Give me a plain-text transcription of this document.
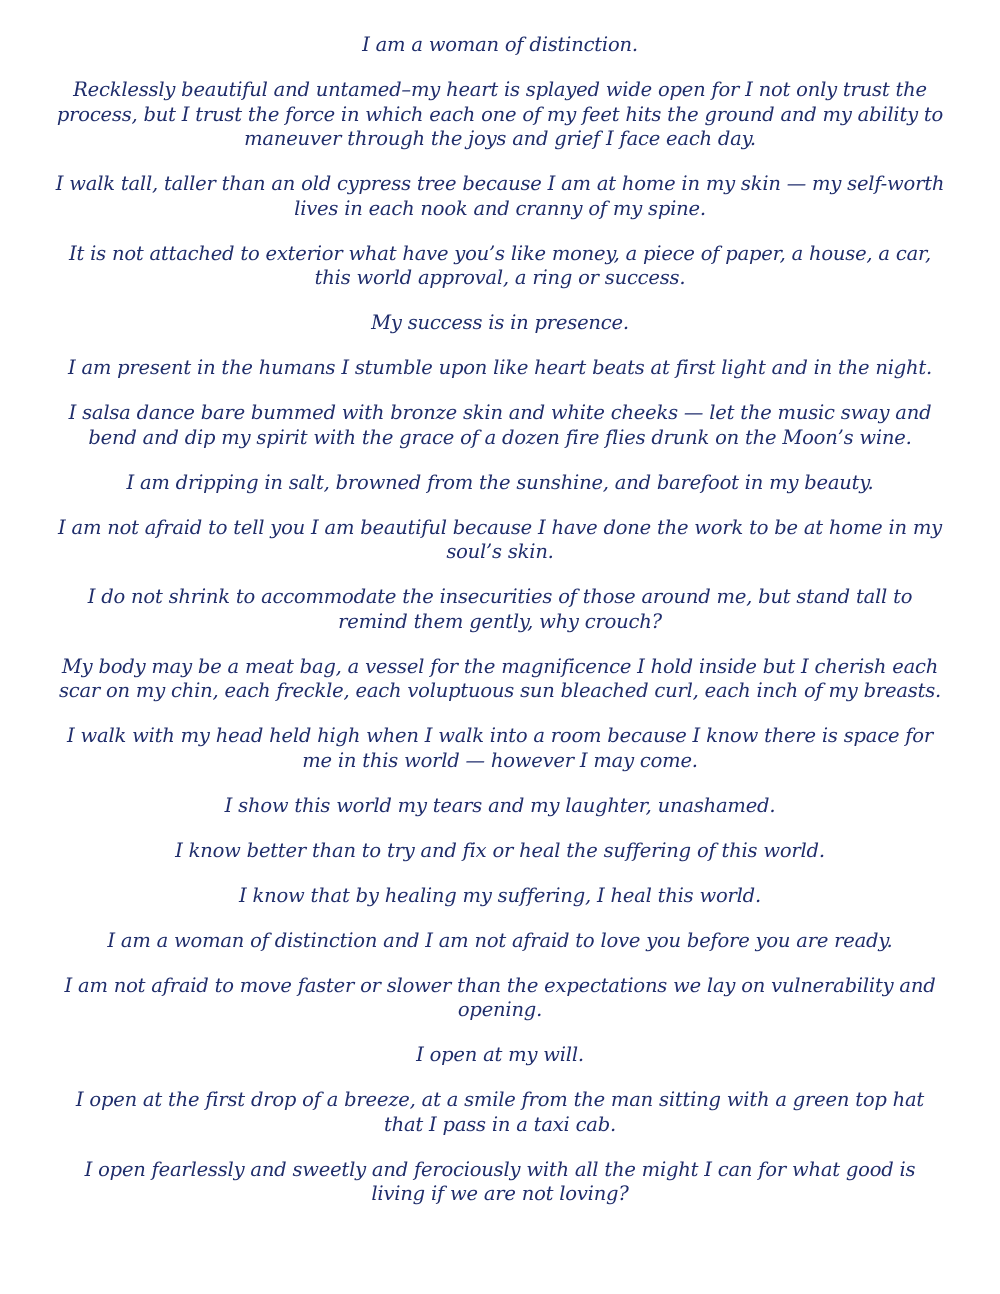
I am a woman of distinction.

Recklessly beautiful and untamed–my heart is splayed wide open for I not only trust the process, but I trust the force in which each one of my feet hits the ground and my ability to maneuver through the joys and grief I face each day.

I walk tall, taller than an old cypress tree because I am at home in my skin — my self-worth lives in each nook and cranny of my spine.

It is not attached to exterior what have you’s like money, a piece of paper, a house, a car, this world approval, a ring or success.

My success is in presence.

I am present in the humans I stumble upon like heart beats at first light and in the night.

I salsa dance bare bummed with bronze skin and white cheeks — let the music sway and bend and dip my spirit with the grace of a dozen fire flies drunk on the Moon’s wine.

I am dripping in salt, browned from the sunshine, and barefoot in my beauty.

I am not afraid to tell you I am beautiful because I have done the work to be at home in my soul’s skin.

I do not shrink to accommodate the insecurities of those around me, but stand tall to remind them gently, why crouch?

My body may be a meat bag, a vessel for the magnificence I hold inside but I cherish each scar on my chin, each freckle, each voluptuous sun bleached curl, each inch of my breasts.

I walk with my head held high when I walk into a room because I know there is space for me in this world — however I may come.

I show this world my tears and my laughter, unashamed.

I know better than to try and fix or heal the suffering of this world.

I know that by healing my suffering, I heal this world.

I am a woman of distinction and I am not afraid to love you before you are ready.

I am not afraid to move faster or slower than the expectations we lay on vulnerability and opening.

I open at my will.

I open at the first drop of a breeze, at a smile from the man sitting with a green top hat that I pass in a taxi cab.

I open fearlessly and sweetly and ferociously with all the might I can for what good is living if we are not loving?
